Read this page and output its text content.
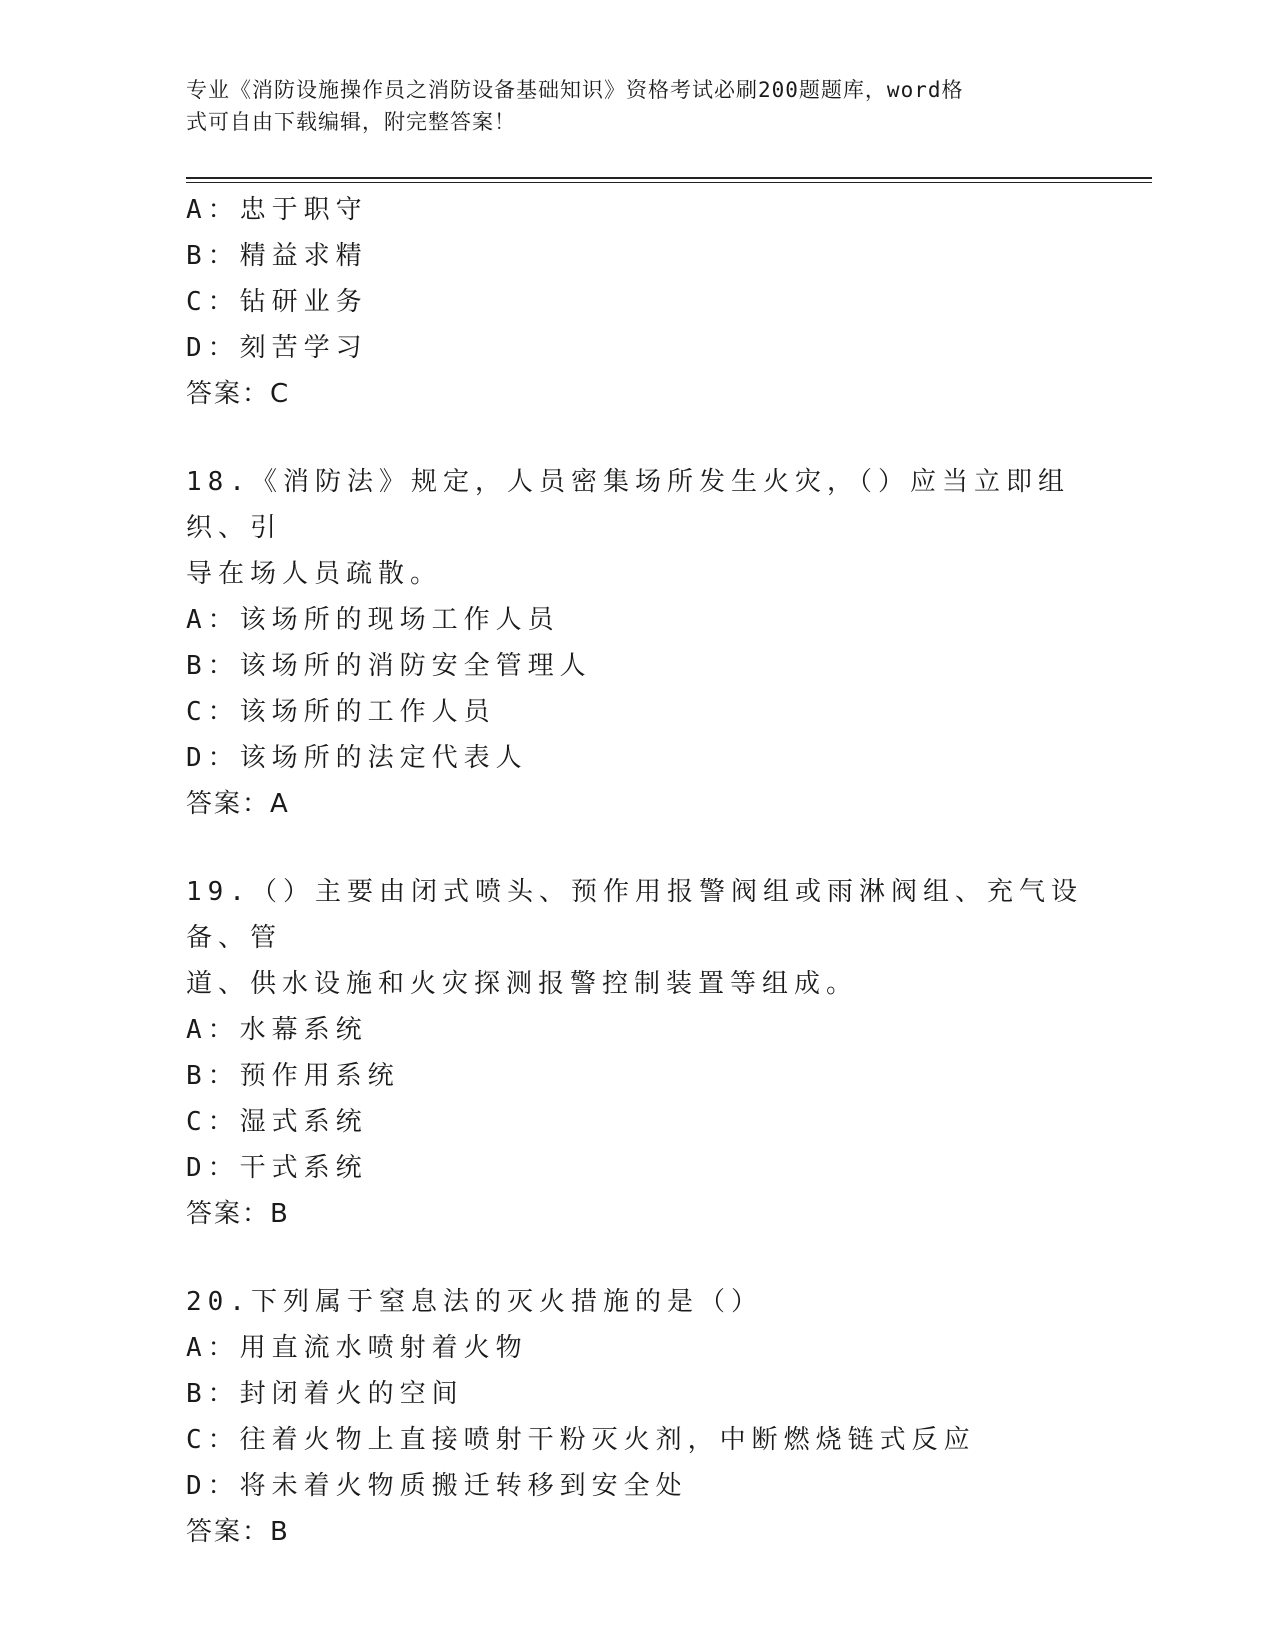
专业《消防设施操作员之消防设备基础知识》资格考试必刷200题题库，word格
式可自由下载编辑，附完整答案！

A：忠于职守

B：精益求精

C：钻研业务

D：刻苦学习

答案：C

18.《消防法》规定，人员密集场所发生火灾，（）应当立即组织、引

导在场人员疏散。

A：该场所的现场工作人员

B：该场所的消防安全管理人

C：该场所的工作人员

D：该场所的法定代表人

答案：A

19.（）主要由闭式喷头、预作用报警阀组或雨淋阀组、充气设备、管

道、供水设施和火灾探测报警控制装置等组成。

A：水幕系统

B：预作用系统

C：湿式系统

D：干式系统

答案：B

20.下列属于窒息法的灭火措施的是（）

A：用直流水喷射着火物

B：封闭着火的空间

C：往着火物上直接喷射干粉灭火剂，中断燃烧链式反应

D：将未着火物质搬迁转移到安全处

答案：B
